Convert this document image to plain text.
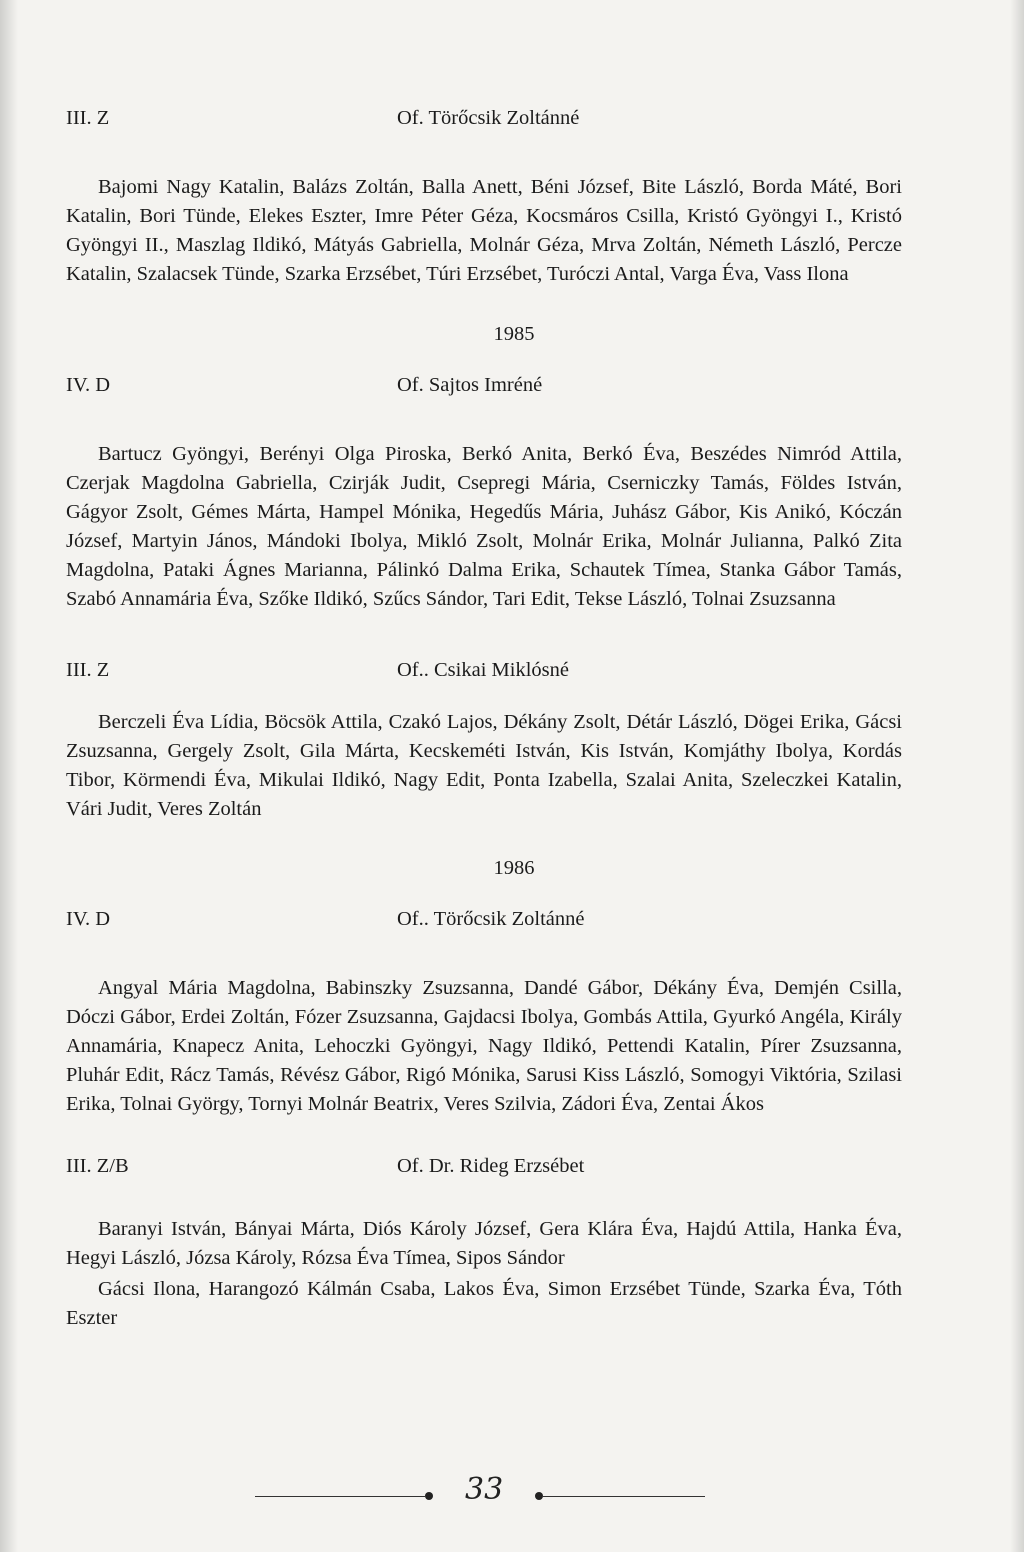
III. Z	Of. Törőcsik Zoltánné

Bajomi Nagy Katalin, Balázs Zoltán, Balla Anett, Béni József, Bite László, Borda Máté, Bori Katalin, Bori Tünde, Elekes Eszter, Imre Péter Géza, Kocsmáros Csilla, Kristó Gyöngyi I., Kristó Gyöngyi II., Maszlag Ildikó, Mátyás Gabriella, Molnár Géza, Mrva Zoltán, Németh László, Percze Katalin, Szalacsek Tünde, Szarka Erzsébet, Túri Erzsébet, Turóczi Antal, Varga Éva, Vass Ilona

1985
IV. D	Of. Sajtos Imréné

Bartucz Gyöngyi, Berényi Olga Piroska, Berkó Anita, Berkó Éva, Beszédes Nimród Attila, Czerjak Magdolna Gabriella, Czirják Judit, Csepregi Mária, Cserniczky Tamás, Földes István, Gágyor Zsolt, Gémes Márta, Hampel Mónika, Hegedűs Mária, Juhász Gábor, Kis Anikó, Kóczán József, Martyin János, Mándoki Ibolya, Mikló Zsolt, Molnár Erika, Molnár Julianna, Palkó Zita Magdolna, Pataki Ágnes Marianna, Pálinkó Dalma Erika, Schautek Tímea, Stanka Gábor Tamás, Szabó Annamária Éva, Szőke Ildikó, Szűcs Sándor, Tari Edit, Tekse László, Tolnai Zsuzsanna

III. Z	Of.. Csikai Miklósné

Berczeli Éva Lídia, Böcsök Attila, Czakó Lajos, Dékány Zsolt, Détár László, Dögei Erika, Gácsi Zsuzsanna, Gergely Zsolt, Gila Márta, Kecskeméti István, Kis István, Komjáthy Ibolya, Kordás Tibor, Körmendi Éva, Mikulai Ildikó, Nagy Edit, Ponta Izabella, Szalai Anita, Szeleczkei Katalin, Vári Judit, Veres Zoltán

1986
IV. D	Of.. Törőcsik Zoltánné

Angyal Mária Magdolna, Babinszky Zsuzsanna, Dandé Gábor, Dékány Éva, Demjén Csilla, Dóczi Gábor, Erdei Zoltán, Fózer Zsuzsanna, Gajdacsi Ibolya, Gombás Attila, Gyurkó Angéla, Király Annamária, Knapecz Anita, Lehoczki Gyöngyi, Nagy Ildikó, Pettendi Katalin, Pírer Zsuzsanna, Pluhár Edit, Rácz Tamás, Révész Gábor, Rigó Mónika, Sarusi Kiss László, Somogyi Viktória, Szilasi Erika, Tolnai György, Tornyi Molnár Beatrix, Veres Szilvia, Zádori Éva, Zentai Ákos

III. Z/B	Of. Dr. Rideg Erzsébet

Baranyi István, Bányai Márta, Diós Károly József, Gera Klára Éva, Hajdú Attila, Hanka Éva, Hegyi László, Józsa Károly, Rózsa Éva Tímea, Sipos Sándor

Gácsi Ilona, Harangozó Kálmán Csaba, Lakos Éva, Simon Erzsébet Tünde, Szarka Éva, Tóth Eszter

33
